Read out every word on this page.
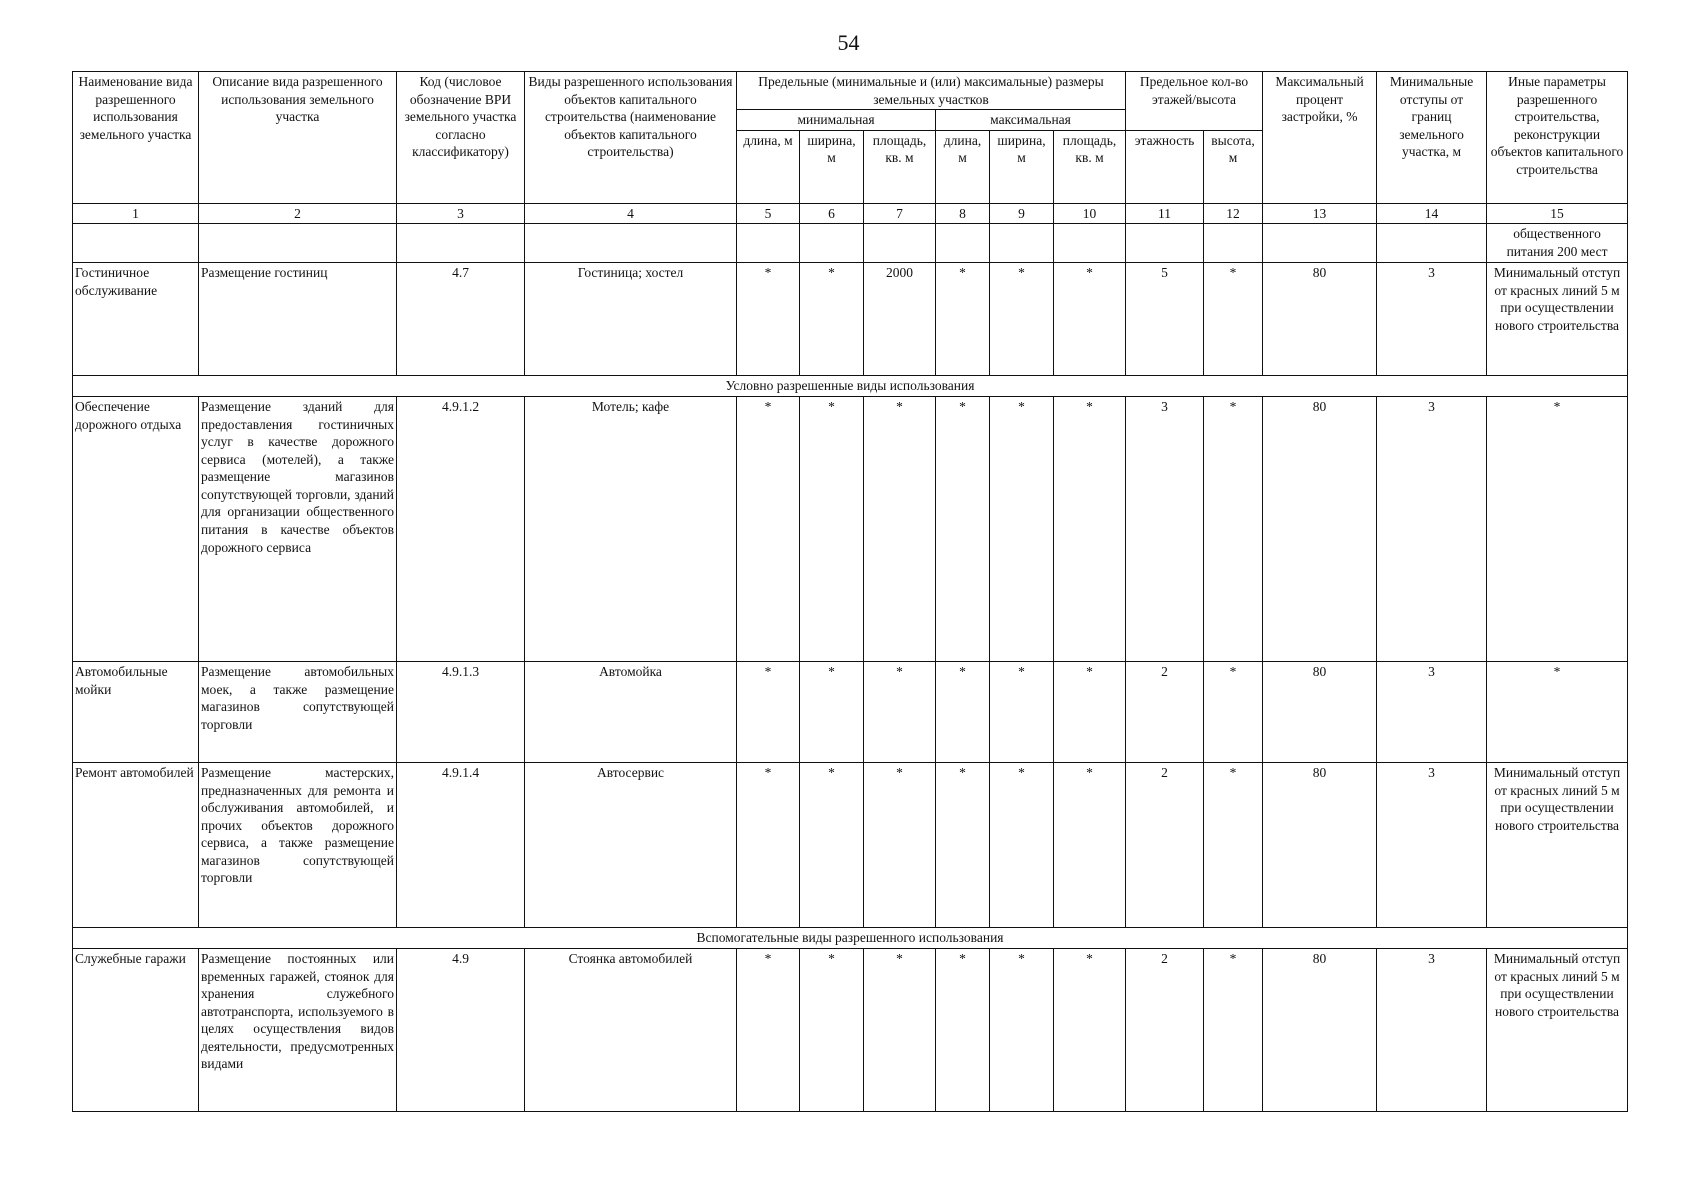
54
Наименование вида разрешенного использования земельного участка	Описание вида разрешенного использования земельного участка	Код (числовое обозначение ВРИ земельного участка согласно классификатору)	Виды разрешенного использования объектов капитального строительства (наименование объектов капитального строительства)	Предельные (минимальные и (или) максимальные) размеры земельных участков						Предельное кол-во этажей/высота		Максимальный процент застройки, %	Минимальные отступы от границ земельного участка, м	Иные параметры разрешенного строительства, реконструкции объектов капитального строительства
				минимальная			максимальная							
				длина, м	ширина, м	площадь, кв. м	длина, м	ширина, м	площадь, кв. м	этажность	высота, м			
1	2	3	4	5	6	7	8	9	10	11	12	13	14	15
														общественного питания 200 мест
Гостиничное обслуживание	Размещение гостиниц	4.7	Гостиница; хостел	*	*	2000	*	*	*	5	*	80	3	Минимальный отступ от красных линий 5 м при осуществлении нового строительства
Условно разрешенные виды использования														
Обеспечение дорожного отдыха	Размещение зданий для предоставления гостиничных услуг в качестве дорожного сервиса (мотелей), а также размещение магазинов сопутствующей торговли, зданий для организации общественного питания в качестве объектов дорожного сервиса	4.9.1.2	Мотель; кафе	*	*	*	*	*	*	3	*	80	3	*
Автомобильные мойки	Размещение автомобильных моек, а также размещение магазинов сопутствующей торговли	4.9.1.3	Автомойка	*	*	*	*	*	*	2	*	80	3	*
Ремонт автомобилей	Размещение мастерских, предназначенных для ремонта и обслуживания автомобилей, и прочих объектов дорожного сервиса, а также размещение магазинов сопутствующей торговли	4.9.1.4	Автосервис	*	*	*	*	*	*	2	*	80	3	Минимальный отступ от красных линий 5 м при осуществлении нового строительства
Вспомогательные виды разрешенного использования														
Служебные гаражи	Размещение постоянных или временных гаражей, стоянок для хранения служебного автотранспорта, используемого в целях осуществления видов деятельности, предусмотренных видами	4.9	Стоянка автомобилей	*	*	*	*	*	*	2	*	80	3	Минимальный отступ от красных линий 5 м при осуществлении нового строительства
